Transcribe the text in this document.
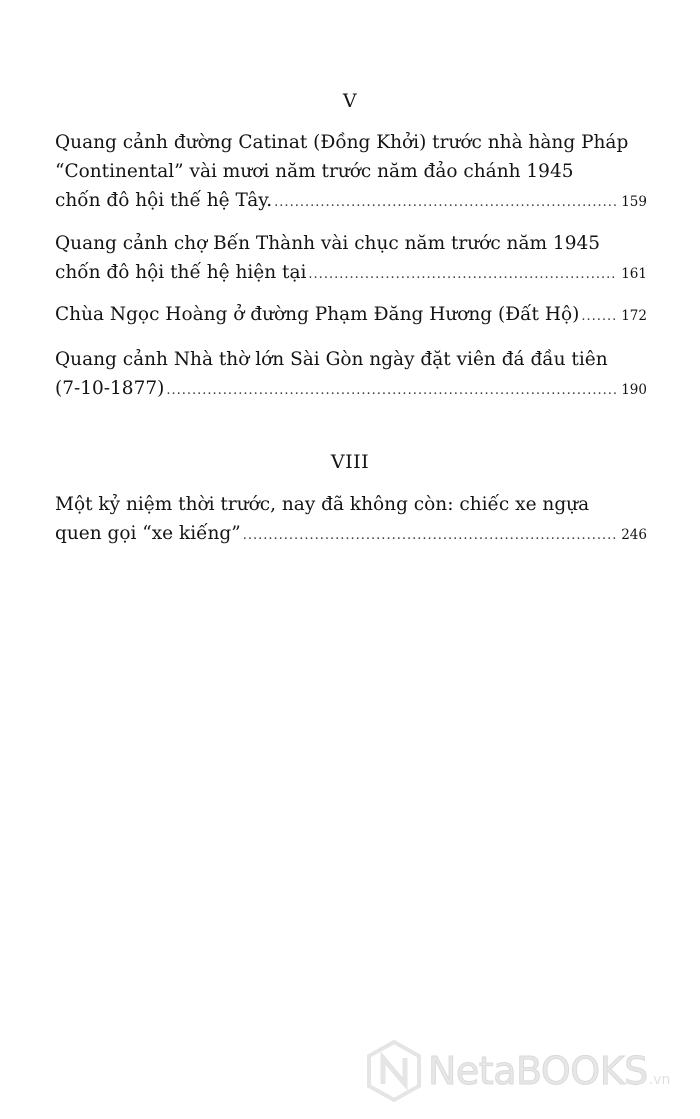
V
Quang cảnh đường Catinat (Đồng Khởi) trước nhà hàng Pháp
“Continental” vài mươi năm trước năm đảo chánh 1945
chốn đô hội thế hệ Tây. .....	159
Quang cảnh chợ Bến Thành vài chục năm trước năm 1945
chốn đô hội thế hệ hiện tại .....	161
Chùa Ngọc Hoàng ở đường Phạm Đăng Hương (Đất Hộ) .....	172
Quang cảnh Nhà thờ lớn Sài Gòn ngày đặt viên đá đầu tiên
(7-10-1877) .....	190
VIII
Một kỷ niệm thời trước, nay đã không còn: chiếc xe ngựa
quen gọi “xe kiếng” .....	246
NetaBOOKS .vn
